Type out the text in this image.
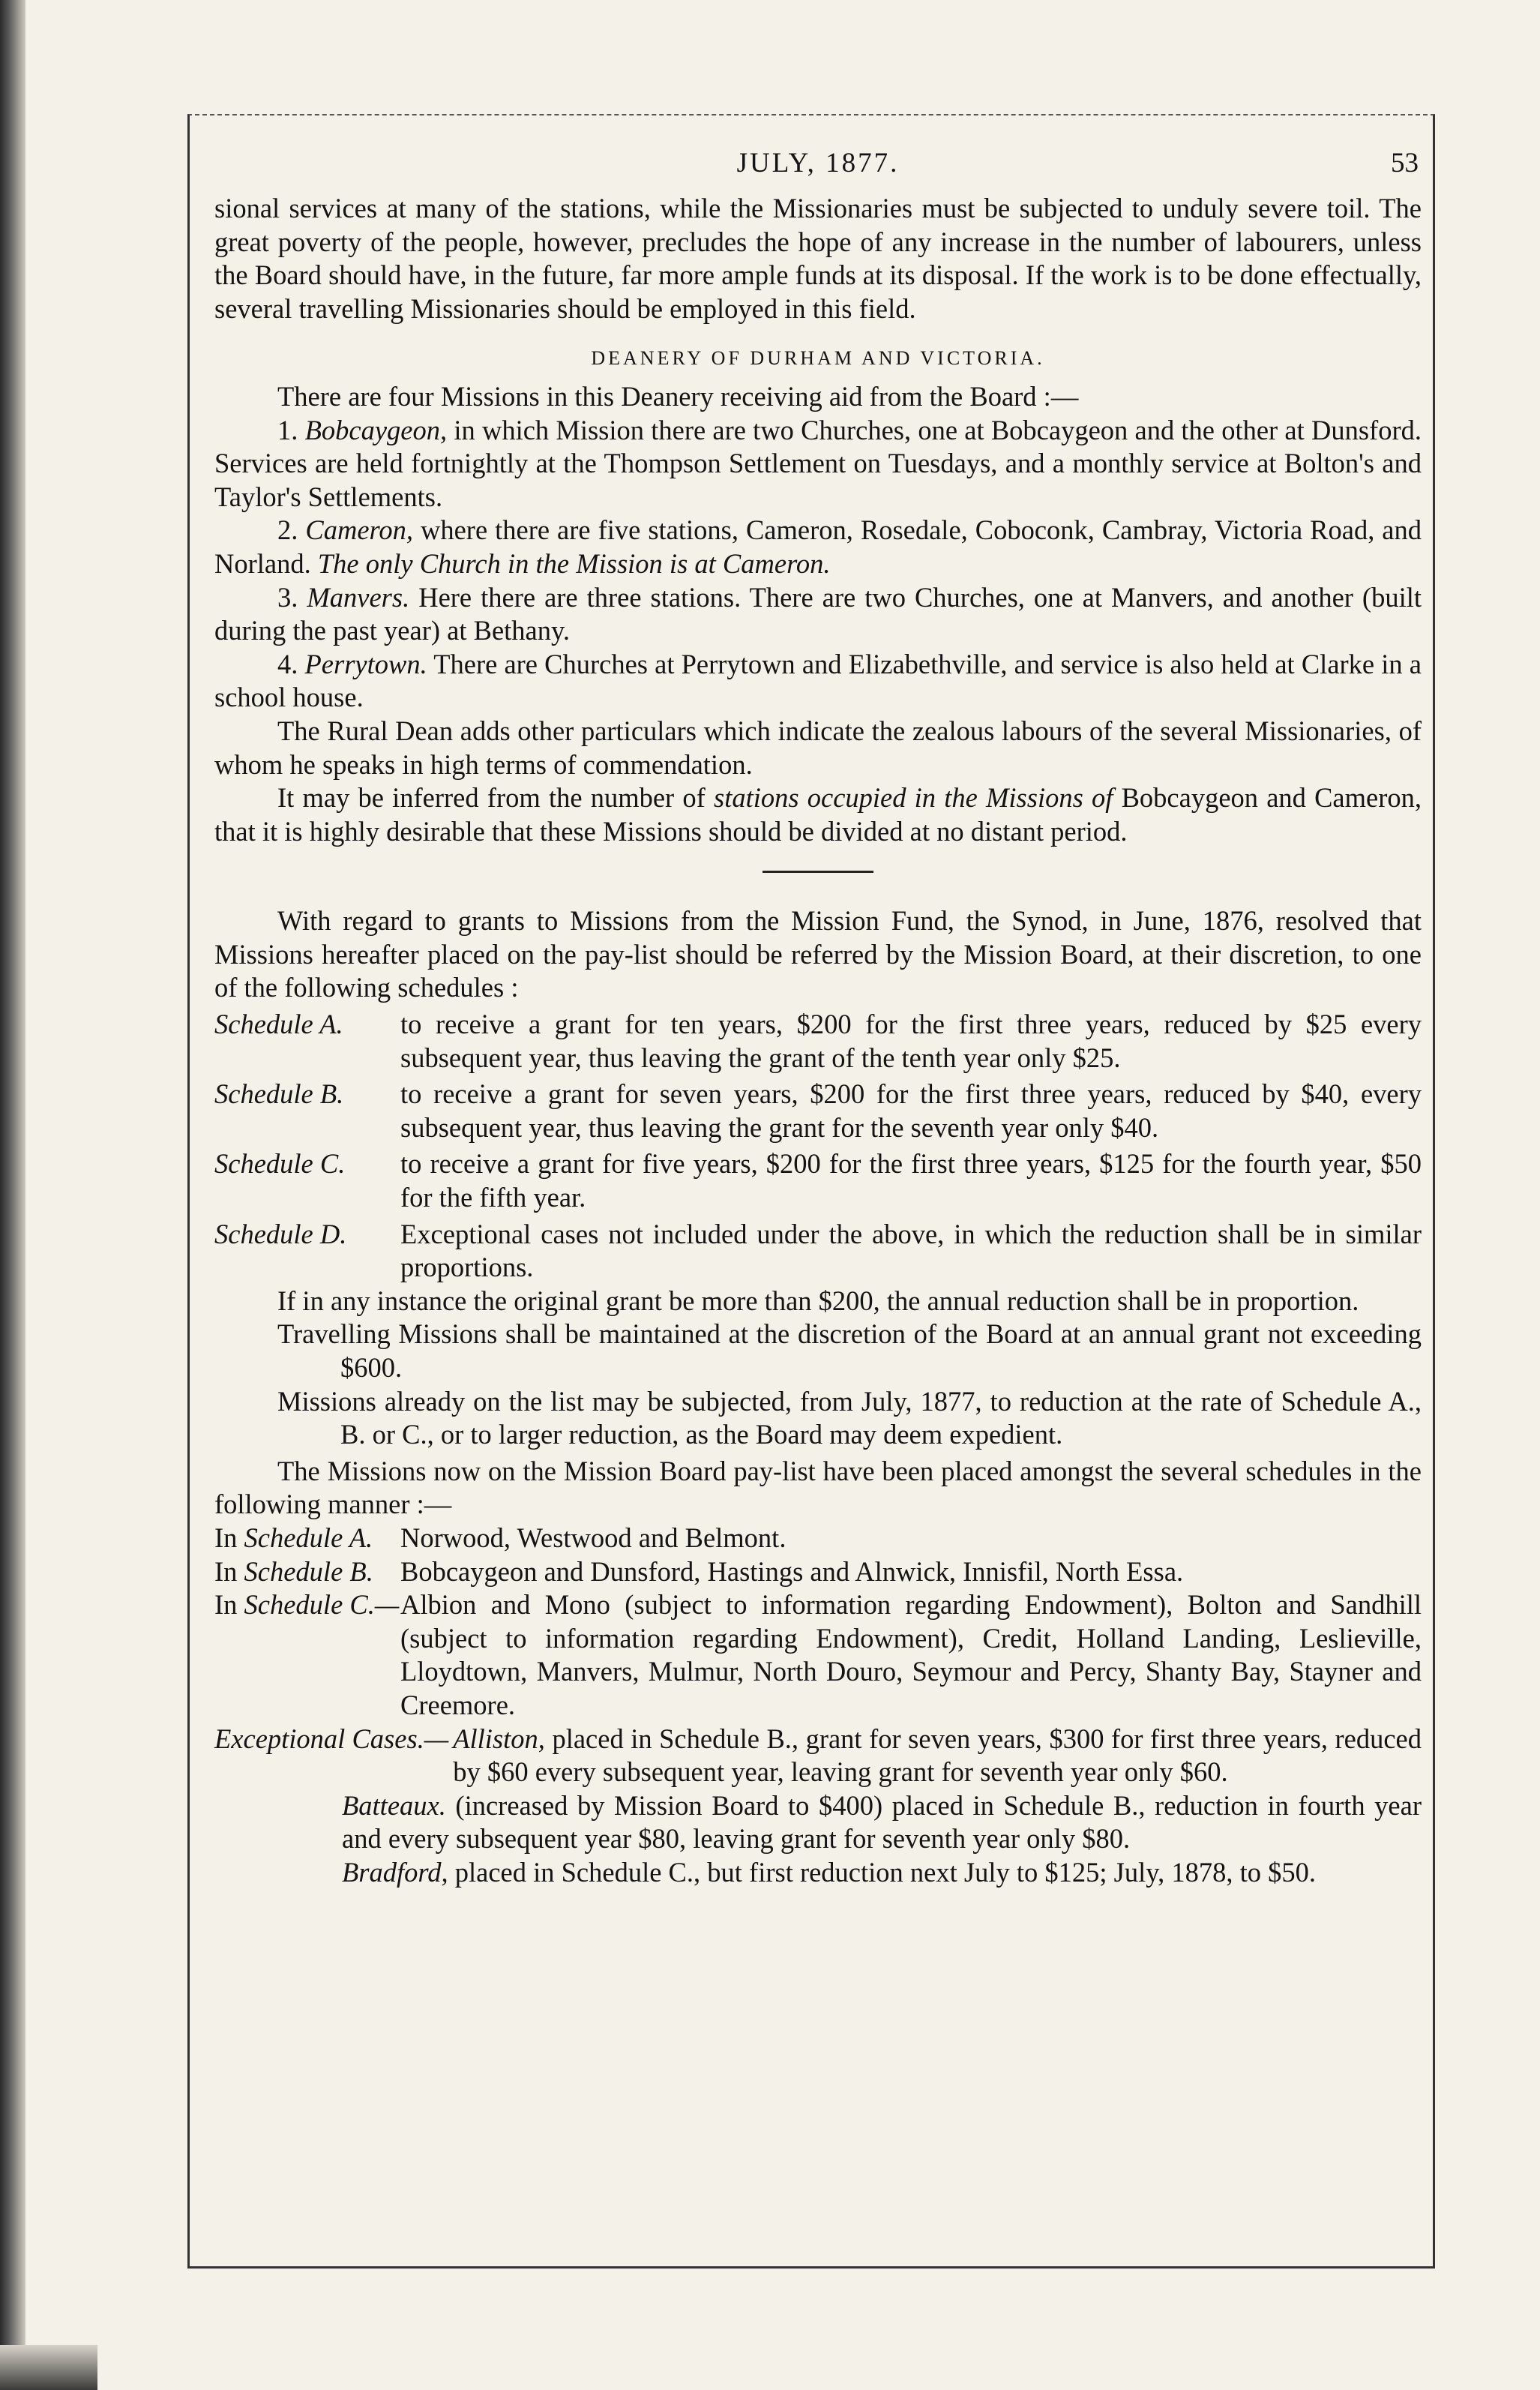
JULY, 1877.	53

sional services at many of the stations, while the Missionaries must be subjected to unduly severe toil. The great poverty of the people, however, precludes the hope of any increase in the number of labourers, unless the Board should have, in the future, far more ample funds at its disposal. If the work is to be done effectually, several travelling Missionaries should be employed in this field.

DEANERY OF DURHAM AND VICTORIA.

There are four Missions in this Deanery receiving aid from the Board :—

1. Bobcaygeon, in which Mission there are two Churches, one at Bobcaygeon and the other at Dunsford. Services are held fortnightly at the Thompson Settlement on Tuesdays, and a monthly service at Bolton's and Taylor's Settlements.

2. Cameron, where there are five stations, Cameron, Rosedale, Coboconk, Cambray, Victoria Road, and Norland. The only Church in the Mission is at Cameron.

3. Manvers. Here there are three stations. There are two Churches, one at Manvers, and another (built during the past year) at Bethany.

4. Perrytown. There are Churches at Perrytown and Elizabethville, and service is also held at Clarke in a school house.

The Rural Dean adds other particulars which indicate the zealous labours of the several Missionaries, of whom he speaks in high terms of commendation.

It may be inferred from the number of stations occupied in the Missions of Bobcaygeon and Cameron, that it is highly desirable that these Missions should be divided at no distant period.

With regard to grants to Missions from the Mission Fund, the Synod, in June, 1876, resolved that Missions hereafter placed on the pay-list should be referred by the Mission Board, at their discretion, to one of the following schedules :

Schedule A.	to receive a grant for ten years, $200 for the first three years, reduced by $25 every subsequent year, thus leaving the grant of the tenth year only $25.
Schedule B.	to receive a grant for seven years, $200 for the first three years, reduced by $40, every subsequent year, thus leaving the grant for the seventh year only $40.
Schedule C.	to receive a grant for five years, $200 for the first three years, $125 for the fourth year, $50 for the fifth year.
Schedule D.	Exceptional cases not included under the above, in which the reduction shall be in similar proportions.

If in any instance the original grant be more than $200, the annual reduction shall be in proportion.

Travelling Missions shall be maintained at the discretion of the Board at an annual grant not exceeding $600.

Missions already on the list may be subjected, from July, 1877, to reduction at the rate of Schedule A., B. or C., or to larger reduction, as the Board may deem expedient.

The Missions now on the Mission Board pay-list have been placed amongst the several schedules in the following manner :—

In Schedule A.	Norwood, Westwood and Belmont.
In Schedule B. Bobcaygeon and Dunsford, Hastings and Alnwick, Innisfil, North Essa.
In Schedule C.— Albion and Mono (subject to information regarding Endowment), Bolton and Sandhill (subject to information regarding Endowment), Credit, Holland Landing, Leslieville, Lloydtown, Manvers, Mulmur, North Douro, Seymour and Percy, Shanty Bay, Stayner and Creemore.
Exceptional Cases.— Alliston, placed in Schedule B., grant for seven years, $300 for first three years, reduced by $60 every subsequent year, leaving grant for seventh year only $60.

Batteaux. (increased by Mission Board to $400) placed in Schedule B., reduction in fourth year and every subsequent year $80, leaving grant for seventh year only $80.

Bradford, placed in Schedule C., but first reduction next July to $125; July, 1878, to $50.
